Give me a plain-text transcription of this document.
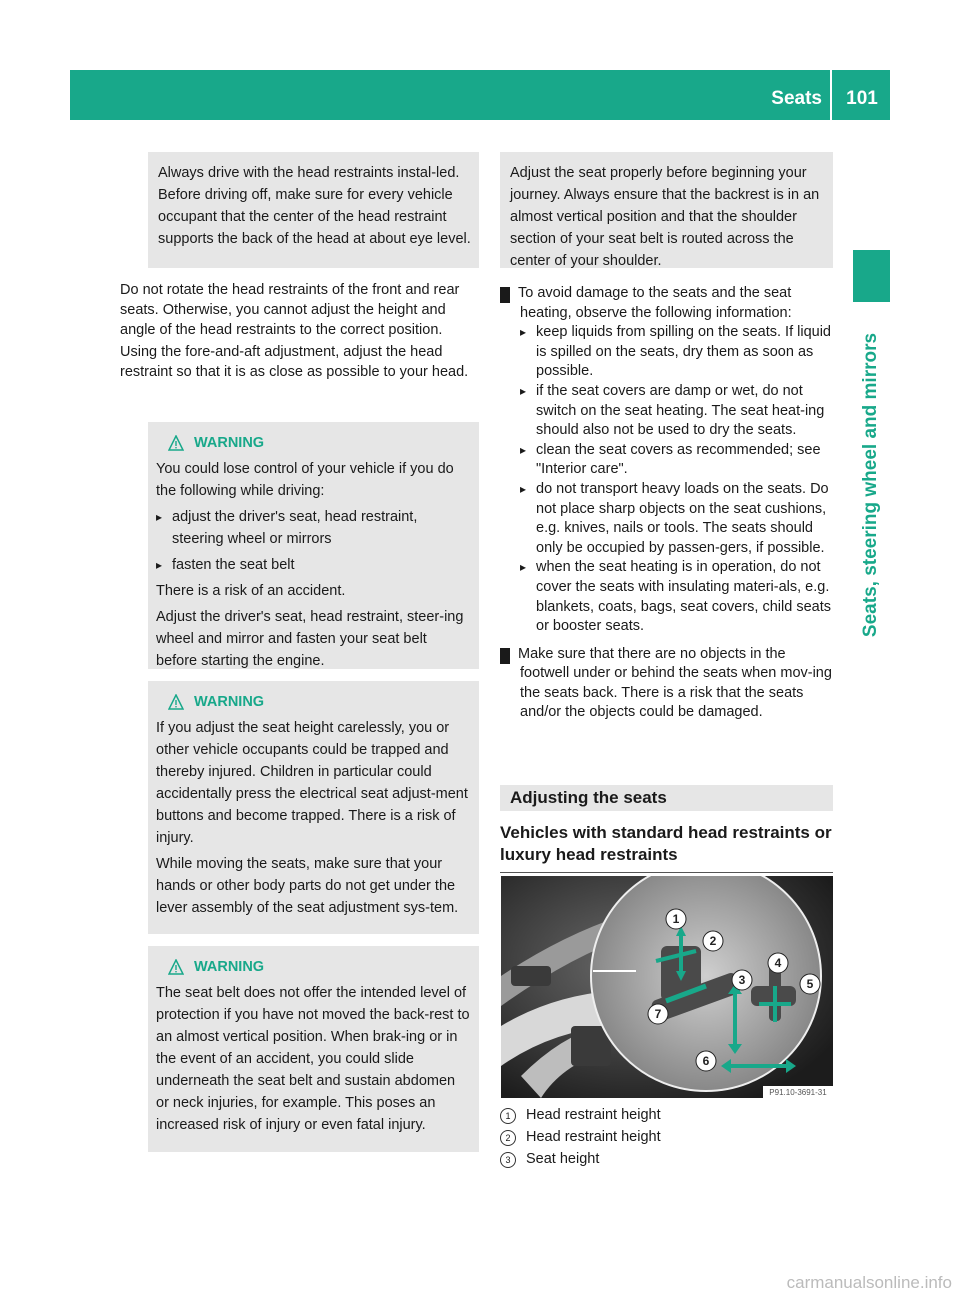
Seats	101
Seats, steering wheel and mirrors

Always drive with the head restraints instal-led. Before driving off, make sure for every vehicle occupant that the center of the head restraint supports the back of the head at about eye level.

Do not rotate the head restraints of the front and rear seats. Otherwise, you cannot adjust the height and angle of the head restraints to the correct position.

Using the fore-and-aft adjustment, adjust the head restraint so that it is as close as possible to your head.

WARNING

You could lose control of your vehicle if you do the following while driving:

▸ adjust the driver's seat, head restraint, steering wheel or mirrors

▸ fasten the seat belt

There is a risk of an accident.

Adjust the driver's seat, head restraint, steer-ing wheel and mirror and fasten your seat belt before starting the engine.

WARNING

If you adjust the seat height carelessly, you or other vehicle occupants could be trapped and thereby injured. Children in particular could accidentally press the electrical seat adjust-ment buttons and become trapped. There is a risk of injury.

While moving the seats, make sure that your hands or other body parts do not get under the lever assembly of the seat adjustment sys-tem.

WARNING

The seat belt does not offer the intended level of protection if you have not moved the back-rest to an almost vertical position. When brak-ing or in the event of an accident, you could slide underneath the seat belt and sustain abdomen or neck injuries, for example. This poses an increased risk of injury or even fatal injury.

Adjust the seat properly before beginning your journey. Always ensure that the backrest is in an almost vertical position and that the shoulder section of your seat belt is routed across the center of your shoulder.

! To avoid damage to the seats and the seat heating, observe the following information:

▸ keep liquids from spilling on the seats. If liquid is spilled on the seats, dry them as soon as possible.

▸ if the seat covers are damp or wet, do not switch on the seat heating. The seat heat-ing should also not be used to dry the seats.

▸ clean the seat covers as recommended; see "Interior care".

▸ do not transport heavy loads on the seats. Do not place sharp objects on the seat cushions, e.g. knives, nails or tools. The seats should only be occupied by passen-gers, if possible.

▸ when the seat heating is in operation, do not cover the seats with insulating materi-als, e.g. blankets, coats, bags, seat covers, child seats or booster seats.

! Make sure that there are no objects in the footwell under or behind the seats when mov-ing the seats back. There is a risk that the seats and/or the objects could be damaged.

Adjusting the seats
Vehicles with standard head restraints or luxury head restraints
1
2
3
4
5
6
7
P91.10-3691-31
1	Head restraint height
2	Head restraint height
3	Seat height
carmanualsonline.info
